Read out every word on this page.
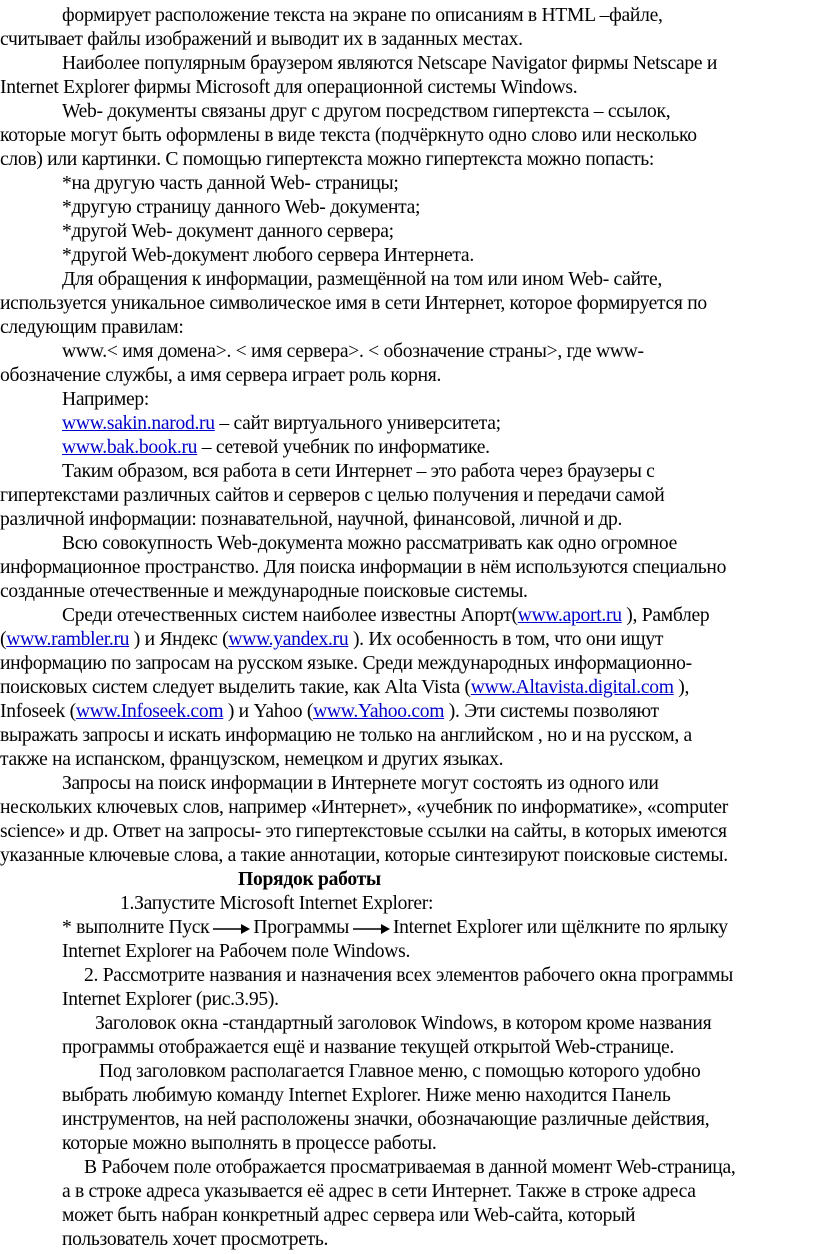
формирует расположение текста на экране по описаниям в HTML –файле,
считывает файлы изображений и выводит их в заданных местах.
Наиболее популярным браузером являются Netscape Navigator фирмы Netscape и
Internet Explorer фирмы Microsoft для операционной системы Windows.
Web- документы связаны друг с другом посредством гипертекста – ссылок,
которые могут быть оформлены в виде текста (подчёркнуто одно слово или несколько
слов) или картинки. С помощью гипертекста можно гипертекста можно попасть:
*на другую часть данной Web- страницы;
*другую страницу данного Web- документа;
*другой Web- документ данного сервера;
*другой Web-документ любого сервера Интернета.
Для обращения к информации, размещённой на том или ином Web- сайте,
используется уникальное символическое имя в сети Интернет, которое формируется по
следующим правилам:
www.< имя домена>. < имя сервера>. < обозначение страны>, где www-
обозначение службы, а имя сервера играет роль корня.
Например:
www.sakin.narod.ru – сайт виртуального университета;
www.bak.book.ru – сетевой учебник по информатике.
Таким образом, вся работа в сети Интернет – это работа через браузеры с
гипертекстами различных сайтов и серверов с целью получения и передачи самой
различной информации: познавательной, научной, финансовой, личной и др.
Всю совокупность Web-документа можно рассматривать как одно огромное
информационное пространство. Для поиска информации в нём используются специально
созданные отечественные и международные поисковые системы.
Среди отечественных систем наиболее известны Апорт(www.aport.ru ), Рамблер
(www.rambler.ru ) и Яндекс (www.yandex.ru ). Их особенность в том, что они ищут
информацию по запросам на русском языке. Среди международных информационно-
поисковых систем следует выделить такие, как Alta Vista (www.Altavista.digital.com ),
Infoseek (www.Infoseek.com ) и Yahoo (www.Yahoo.com ). Эти системы позволяют
выражать запросы и искать информацию не только на английском , но и на русском, а
также на испанском, французском, немецком и других языках.
Запросы на поиск информации в Интернете могут состоять из одного или
нескольких ключевых слов, например «Интернет», «учебник по информатике», «computer
science» и др. Ответ на запросы- это гипертекстовые ссылки на сайты, в которых имеются
указанные ключевые слова, а такие аннотации, которые синтезируют поисковые системы.
Порядок работы
1.Запустите Microsoft Internet Explorer:
* выполните Пуск Программы Internet Explorer или щёлкните по ярлыку
Internet Explorer на Рабочем поле Windows.
2. Рассмотрите названия и назначения всех элементов рабочего окна программы
Internet Explorer (рис.3.95).
Заголовок окна -стандартный заголовок Windows, в котором кроме названия
программы отображается ещё и название текущей открытой Web-странице.
Под заголовком располагается Главное меню, с помощью которого удобно
выбрать любимую команду Internet Explorer. Ниже меню находится Панель
инструментов, на ней расположены значки, обозначающие различные действия,
которые можно выполнять в процессе работы.
В Рабочем поле отображается просматриваемая в данной момент Web-страница,
а в строке адреса указывается её адрес в сети Интернет. Также в строке адреса
может быть набран конкретный адрес сервера или Web-сайта, который
пользователь хочет просмотреть.
